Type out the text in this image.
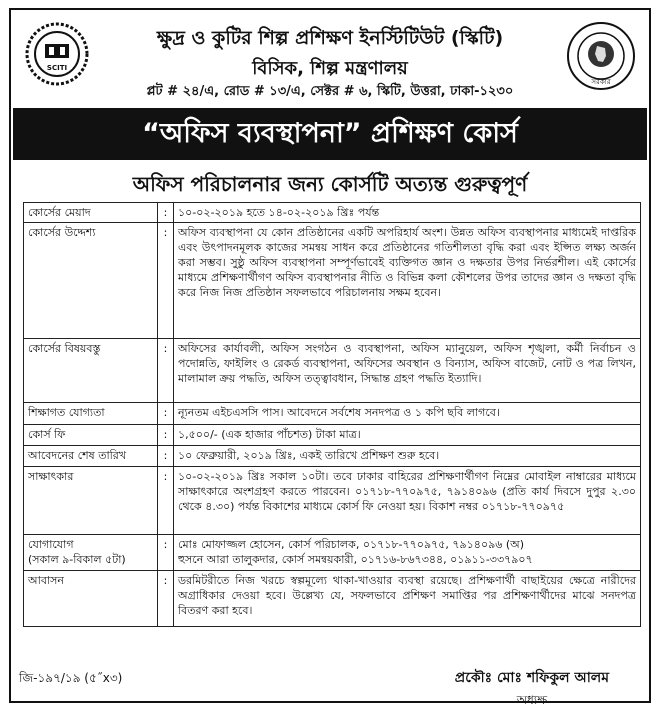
SCITI
ক্ষুদ্র ও কুটির শিল্প প্রশিক্ষণ ইনস্টিটিউট (স্কিটি)
বিসিক, শিল্প মন্ত্রণালয়
প্লট # ২৪/এ, রোড # ১৩/এ, সেক্টর # ৬, স্কিটি, উত্তরা, ঢাকা-১২৩০
সরকার
“অফিস ব্যবস্থাপনা” প্রশিক্ষণ কোর্স
অফিস পরিচালনার জন্য কোর্সটি অত্যন্ত গুরুত্বপূর্ণ
কোর্সের মেয়াদ	:	১০-০২-২০১৯ হতে ১৪-০২-২০১৯ খ্রিঃ পর্যন্ত
কোর্সের উদ্দেশ্য	:	অফিস ব্যবস্থাপনা যে কোন প্রতিষ্ঠানের একটি অপরিহার্য অংশ। উন্নত অফিস ব্যবস্থাপনার মাধ্যমেই দাপ্তরিক এবং উৎপাদনমূলক কাজের সমন্বয় সাধন করে প্রতিষ্ঠানের গতিশীলতা বৃদ্ধি করা এবং ইপ্সিত লক্ষ্য অর্জন করা সম্ভব। সুষ্ঠু অফিস ব্যবস্থাপনা সম্পূর্ণভাবেই ব্যক্তিগত জ্ঞান ও দক্ষতার উপর নির্ভরশীল। এই কোর্সের মাধ্যমে প্রশিক্ষণার্থীগণ অফিস ব্যবস্থাপনার নীতি ও বিভিন্ন কলা কৌশলের উপর তাদের জ্ঞান ও দক্ষতা বৃদ্ধি করে নিজ নিজ প্রতিষ্ঠান সফলভাবে পরিচালনায় সক্ষম হবেন।
কোর্সের বিষয়বস্তু	:	অফিসের কার্যাবলী, অফিস সংগঠন ও ব্যবস্থাপনা, অফিস ম্যানুয়েল, অফিস শৃঙ্খলা, কর্মী নির্বাচন ও পদোন্নতি, ফাইলিং ও রেকর্ড ব্যবস্থাপনা, অফিসের অবস্থান ও বিন্যাস, অফিস বাজেট, নোট ও পত্র লিখন, মালামাল ক্রয় পদ্ধতি, অফিস তত্ত্বাবধান, সিদ্ধান্ত গ্রহণ পদ্ধতি ইত্যাদি।
শিক্ষাগত যোগ্যতা	:	ন্যূনতম এইচএসসি পাস। আবেদনে সর্বশেষ সনদপত্র ও ১ কপি ছবি লাগবে।
কোর্স ফি	:	১,৫০০/- (এক হাজার পাঁচশত) টাকা মাত্র।
আবেদনের শেষ তারিখ	:	১০ ফেব্রুয়ারী, ২০১৯ খ্রিঃ, একই তারিখে প্রশিক্ষণ শুরু হবে।
সাক্ষাৎকার	:	১০-০২-২০১৯ খ্রিঃ সকাল ১০টা। তবে ঢাকার বাহিরের প্রশিক্ষণার্থীগণ নিম্নের মোবাইল নাম্বারের মাধ্যমে সাক্ষাৎকারে অংশগ্রহণ করতে পারবেন। ০১৭১৮-৭৭০৯৭৫, ৭৯১৪০৯৬ (প্রতি কার্য দিবসে দুপুর ২.৩০ থেকে ৪.৩০) পর্যন্ত বিকাশের মাধ্যমে কোর্স ফি নেওয়া হয়। বিকাশ নম্বর ০১৭১৮-৭৭০৯৭৫
যোগাযোগ
(সকাল ৯-বিকাল ৫টা)	:	মোঃ মোফাজ্জল হোসেন, কোর্স পরিচালক, ০১৭১৮-৭৭০৯৭৫, ৭৯১৪০৯৬ (অ)
হুসনে আরা তালুকদার, কোর্স সমন্বয়কারী, ০১৭১৬-৮৬৭৩৪৪, ০১৯১১-৩৩৭৯০৭
আবাসন	:	ডরমিটরীতে নিজ খরচে স্বল্পমূল্যে থাকা-খাওয়ার ব্যবস্থা রয়েছে। প্রশিক্ষণার্থী বাছাইয়ের ক্ষেত্রে নারীদের অগ্রাধিকার দেওয়া হবে। উল্লেখ্য যে, সফলভাবে প্রশিক্ষণ সমাপ্তির পর প্রশিক্ষণার্থীদের মাঝে সনদপত্র বিতরণ করা হবে।
জি-১৯৭/১৯ (৫˝x৩)	প্রকৌঃ মোঃ শফিকুল আলম
অধ্যক্ষ
